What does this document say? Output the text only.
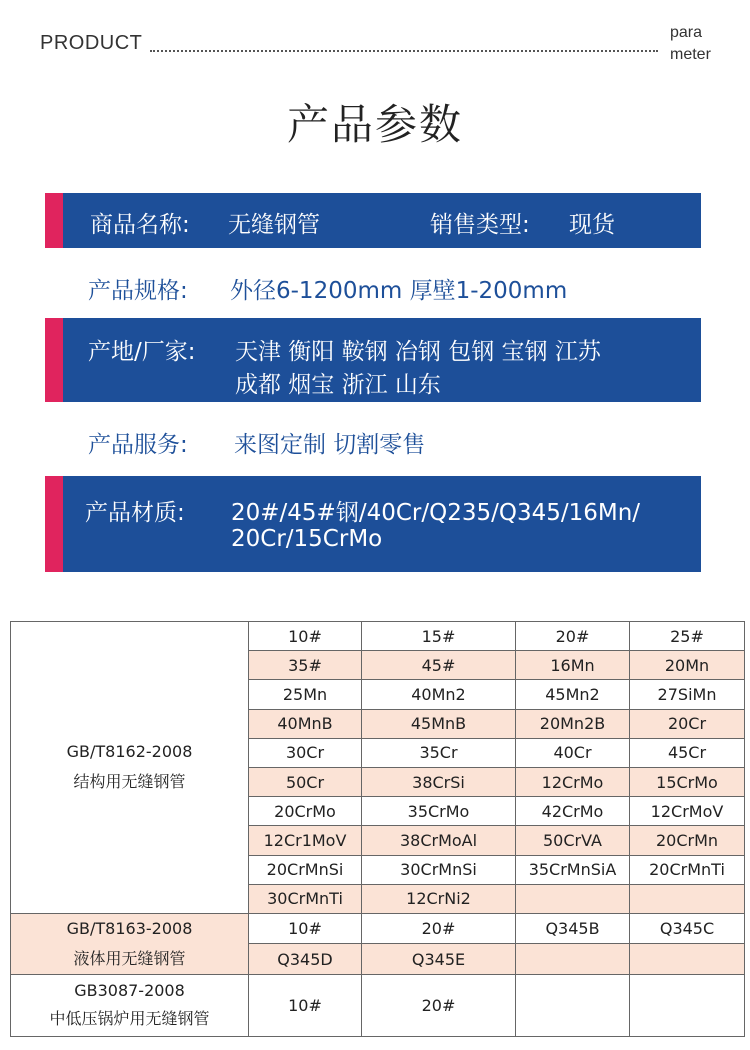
PRODUCT	para
meter
产品参数
商品名称: 无缝钢管	销售类型: 现货
产品规格: 外径6-1200mm 厚壁1-200mm
产地/厂家: 天津 衡阳 鞍钢 冶钢 包钢 宝钢 江苏
成都 烟宝 浙江 山东
产品服务: 来图定制 切割零售
产品材质: 20#/45#钢/40Cr/Q235/Q345/16Mn/
20Cr/15CrMo
GB/T8162-2008
结构用无缝钢管	10#	15#	20#	25#
	35#	45#	16Mn	20Mn
	25Mn	40Mn2	45Mn2	27SiMn
	40MnB	45MnB	20Mn2B	20Cr
	30Cr	35Cr	40Cr	45Cr
	50Cr	38CrSi	12CrMo	15CrMo
	20CrMo	35CrMo	42CrMo	12CrMoV
	12Cr1MoV	38CrMoAl	50CrVA	20CrMn
	20CrMnSi	30CrMnSi	35CrMnSiA	20CrMnTi
	30CrMnTi	12CrNi2		

GB/T8163-2008
液体用无缝钢管	10#	20#	Q345B	Q345C
	Q345D	Q345E		

GB3087-2008
中低压锅炉用无缝钢管	10#	20#		
